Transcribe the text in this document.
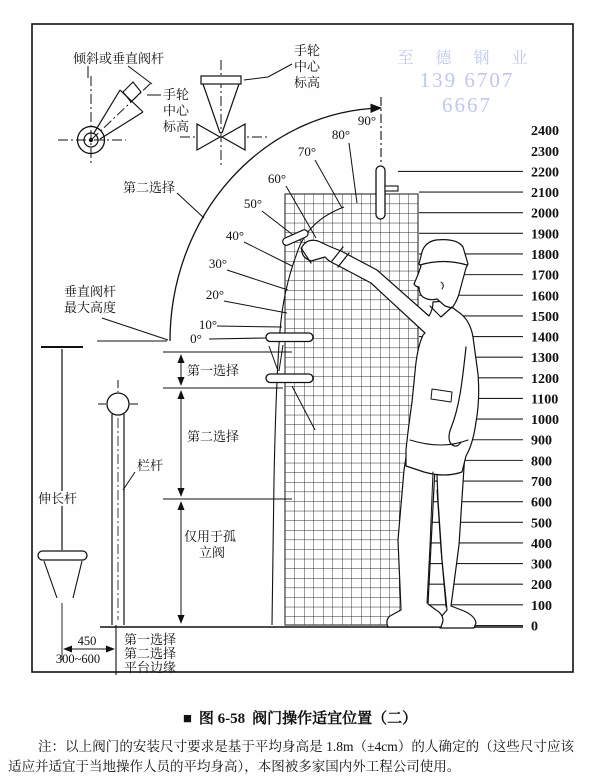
至 德 钢 业
139 6707 6667
2400
2300
2200
2100
2000
1900
1800
1700
1600
1500
1400
1300
1200
1100
1000
900
800
700
600
500
400
300
200
100
0
90°
80°
70°
60°
50°
40°
30°
20°
10°
0°
倾斜或垂直阀杆
手轮
中心
标高
手轮
中心
标高
第二选择
垂直阀杆
最大高度
第一选择
第二选择
仅用于孤
立阀
伸长杆
栏杆
450
300~600
第一选择
第二选择
平台边缘
■ 图 6-58 阀门操作适宜位置（二）
注：以上阀门的安装尺寸要求是基于平均身高是 1.8m（±4cm）的人确定的（这些尺寸应该适应并适宜于当地操作人员的平均身高），本图被多家国内外工程公司使用。
